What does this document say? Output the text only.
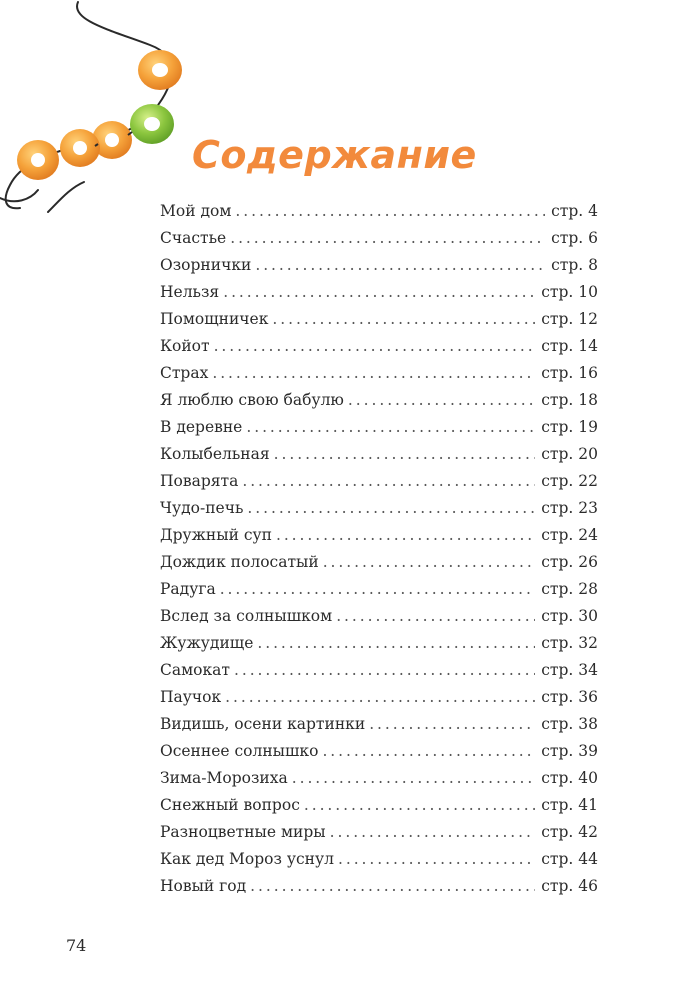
Содержание
Мой дом . . .	стр. 4
Счастье . . .	стр. 6
Озорнички . . .	стр. 8
Нельзя . . .	стр. 10
Помощничек . . .	стр. 12
Койот . . .	стр. 14
Страх . . .	стр. 16
Я люблю свою бабулю . . .	стр. 18
В деревне . . .	стр. 19
Колыбельная . . .	стр. 20
Поварята . . .	стр. 22
Чудо-печь . . .	стр. 23
Дружный суп . . .	стр. 24
Дождик полосатый . . .	стр. 26
Радуга . . .	стр. 28
Вслед за солнышком . . .	стр. 30
Жужудище . . .	стр. 32
Самокат . . .	стр. 34
Паучок . . .	стр. 36
Видишь, осени картинки . . .	стр. 38
Осеннее солнышко . . .	стр. 39
Зима-Морозиха . . .	стр. 40
Снежный вопрос . . .	стр. 41
Разноцветные миры . . .	стр. 42
Как дед Мороз уснул . . .	стр. 44
Новый год . . .	стр. 46
74
